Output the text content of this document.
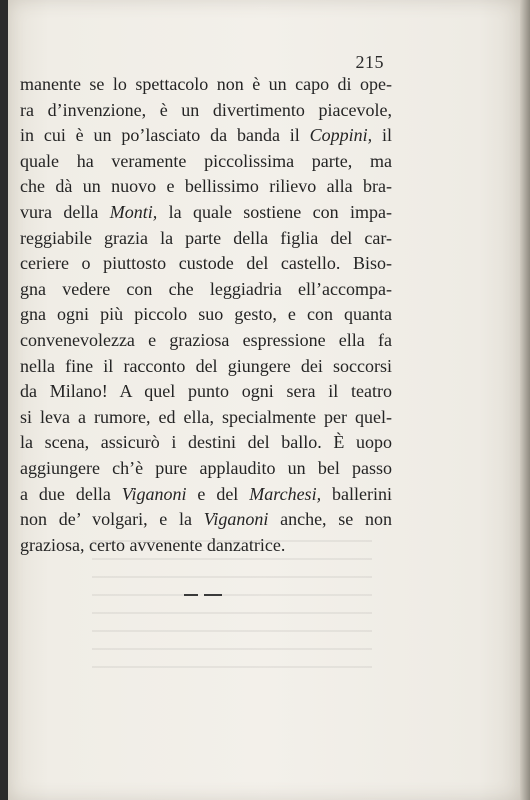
215
manente se lo spettacolo non è un capo di ope-
ra d’invenzione, è un divertimento piacevole,
in cui è un po’lasciato da banda il Coppini, il
quale ha veramente piccolissima parte, ma
che dà un nuovo e bellissimo rilievo alla bra-
vura della Monti, la quale sostiene con impa-
reggiabile grazia la parte della figlia del car-
ceriere o piuttosto custode del castello. Biso-
gna vedere con che leggiadria ell’accompa-
gna ogni più piccolo suo gesto, e con quanta
convenevolezza e graziosa espressione ella fa
nella fine il racconto del giungere dei soccorsi
da Milano! A quel punto ogni sera il teatro
si leva a rumore, ed ella, specialmente per quel-
la scena, assicurò i destini del ballo. È uopo
aggiungere ch’è pure applaudito un bel passo
a due della Viganoni e del Marchesi, ballerini
non de’ volgari, e la Viganoni anche, se non
graziosa, certo avvenente danzatrice.
